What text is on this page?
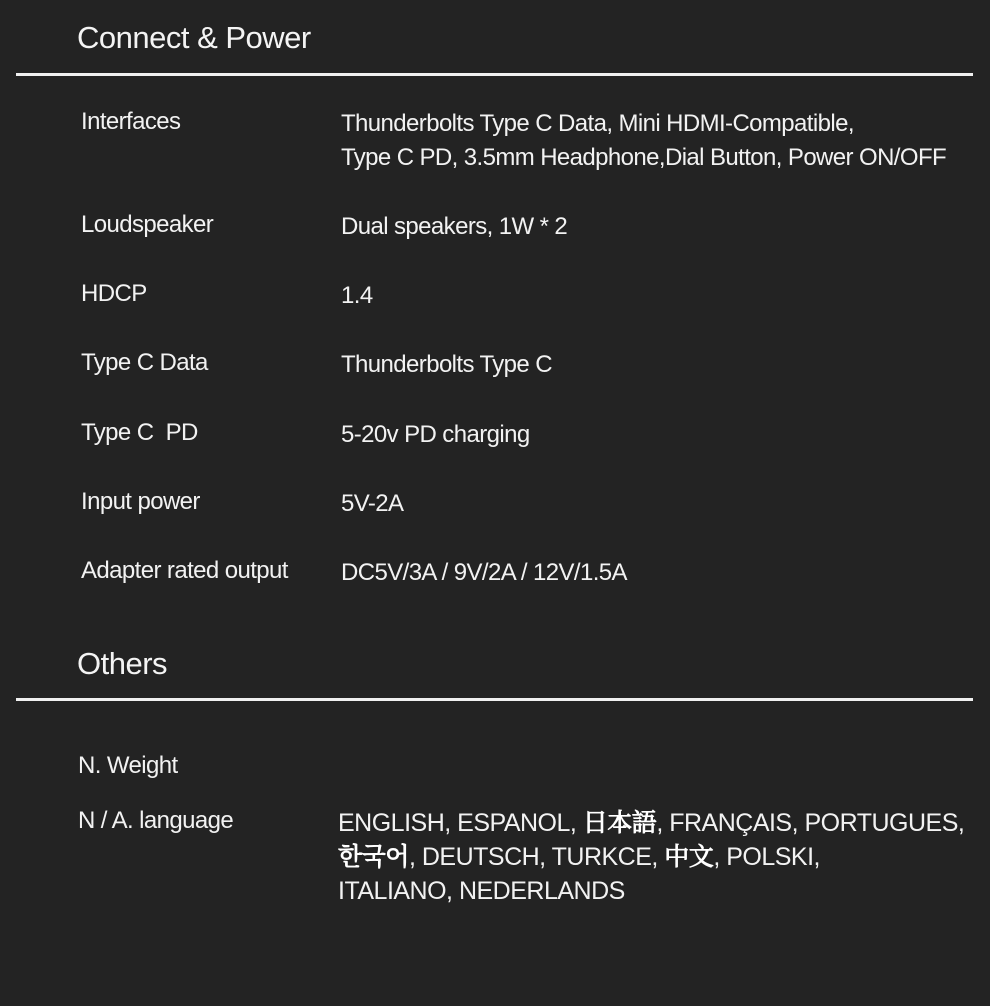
Connect & Power
Interfaces	Thunderbolts Type C Data, Mini HDMI-Compatible,
Type C PD, 3.5mm Headphone,Dial Button, Power ON/OFF
Loudspeaker	Dual speakers, 1W * 2
HDCP	1.4
Type C Data	Thunderbolts Type C
Type C  PD	5-20v PD charging
Input power	5V-2A
Adapter rated output DC5V/3A / 9V/2A / 12V/1.5A
Others
N. Weight
N / A. language	ENGLISH, ESPANOL, 日本語, FRANÇAIS, PORTUGUES,
한국어, DEUTSCH, TURKCE, 中文, POLSKI,
ITALIANO, NEDERLANDS
